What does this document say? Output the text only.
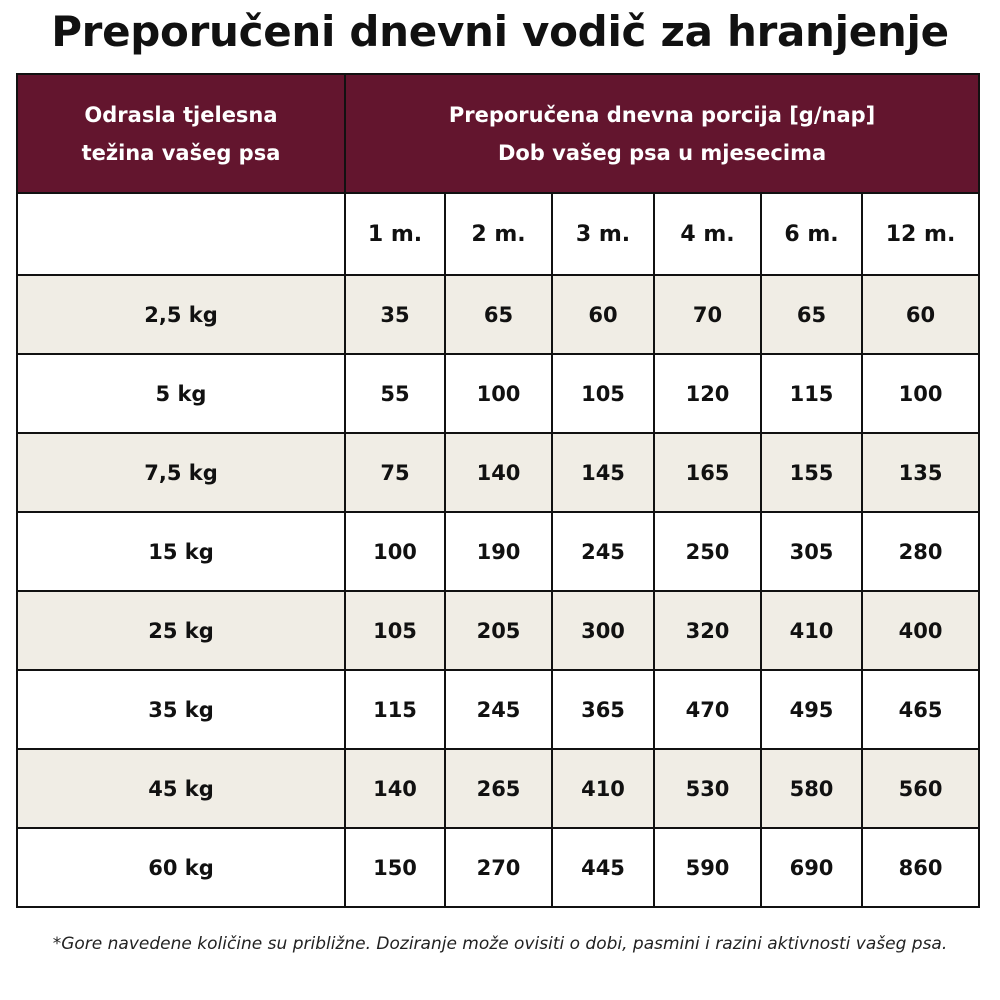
Preporučeni dnevni vodič za hranjenje
Odrasla tjelesna
težina vašeg psa	Preporučena dnevna porcija [g/nap]
Dob vašeg psa u mjesecima					

	1 m.	2 m.	3 m.	4 m.	6 m.	12 m.
2,5 kg	35	65	60	70	65	60
5 kg	55	100	105	120	115	100
7,5 kg	75	140	145	165	155	135
15 kg	100	190	245	250	305	280
25 kg	105	205	300	320	410	400
35 kg	115	245	365	470	495	465
45 kg	140	265	410	530	580	560
60 kg	150	270	445	590	690	860
*Gore navedene količine su približne. Doziranje može ovisiti o dobi, pasmini i razini aktivnosti vašeg psa.
